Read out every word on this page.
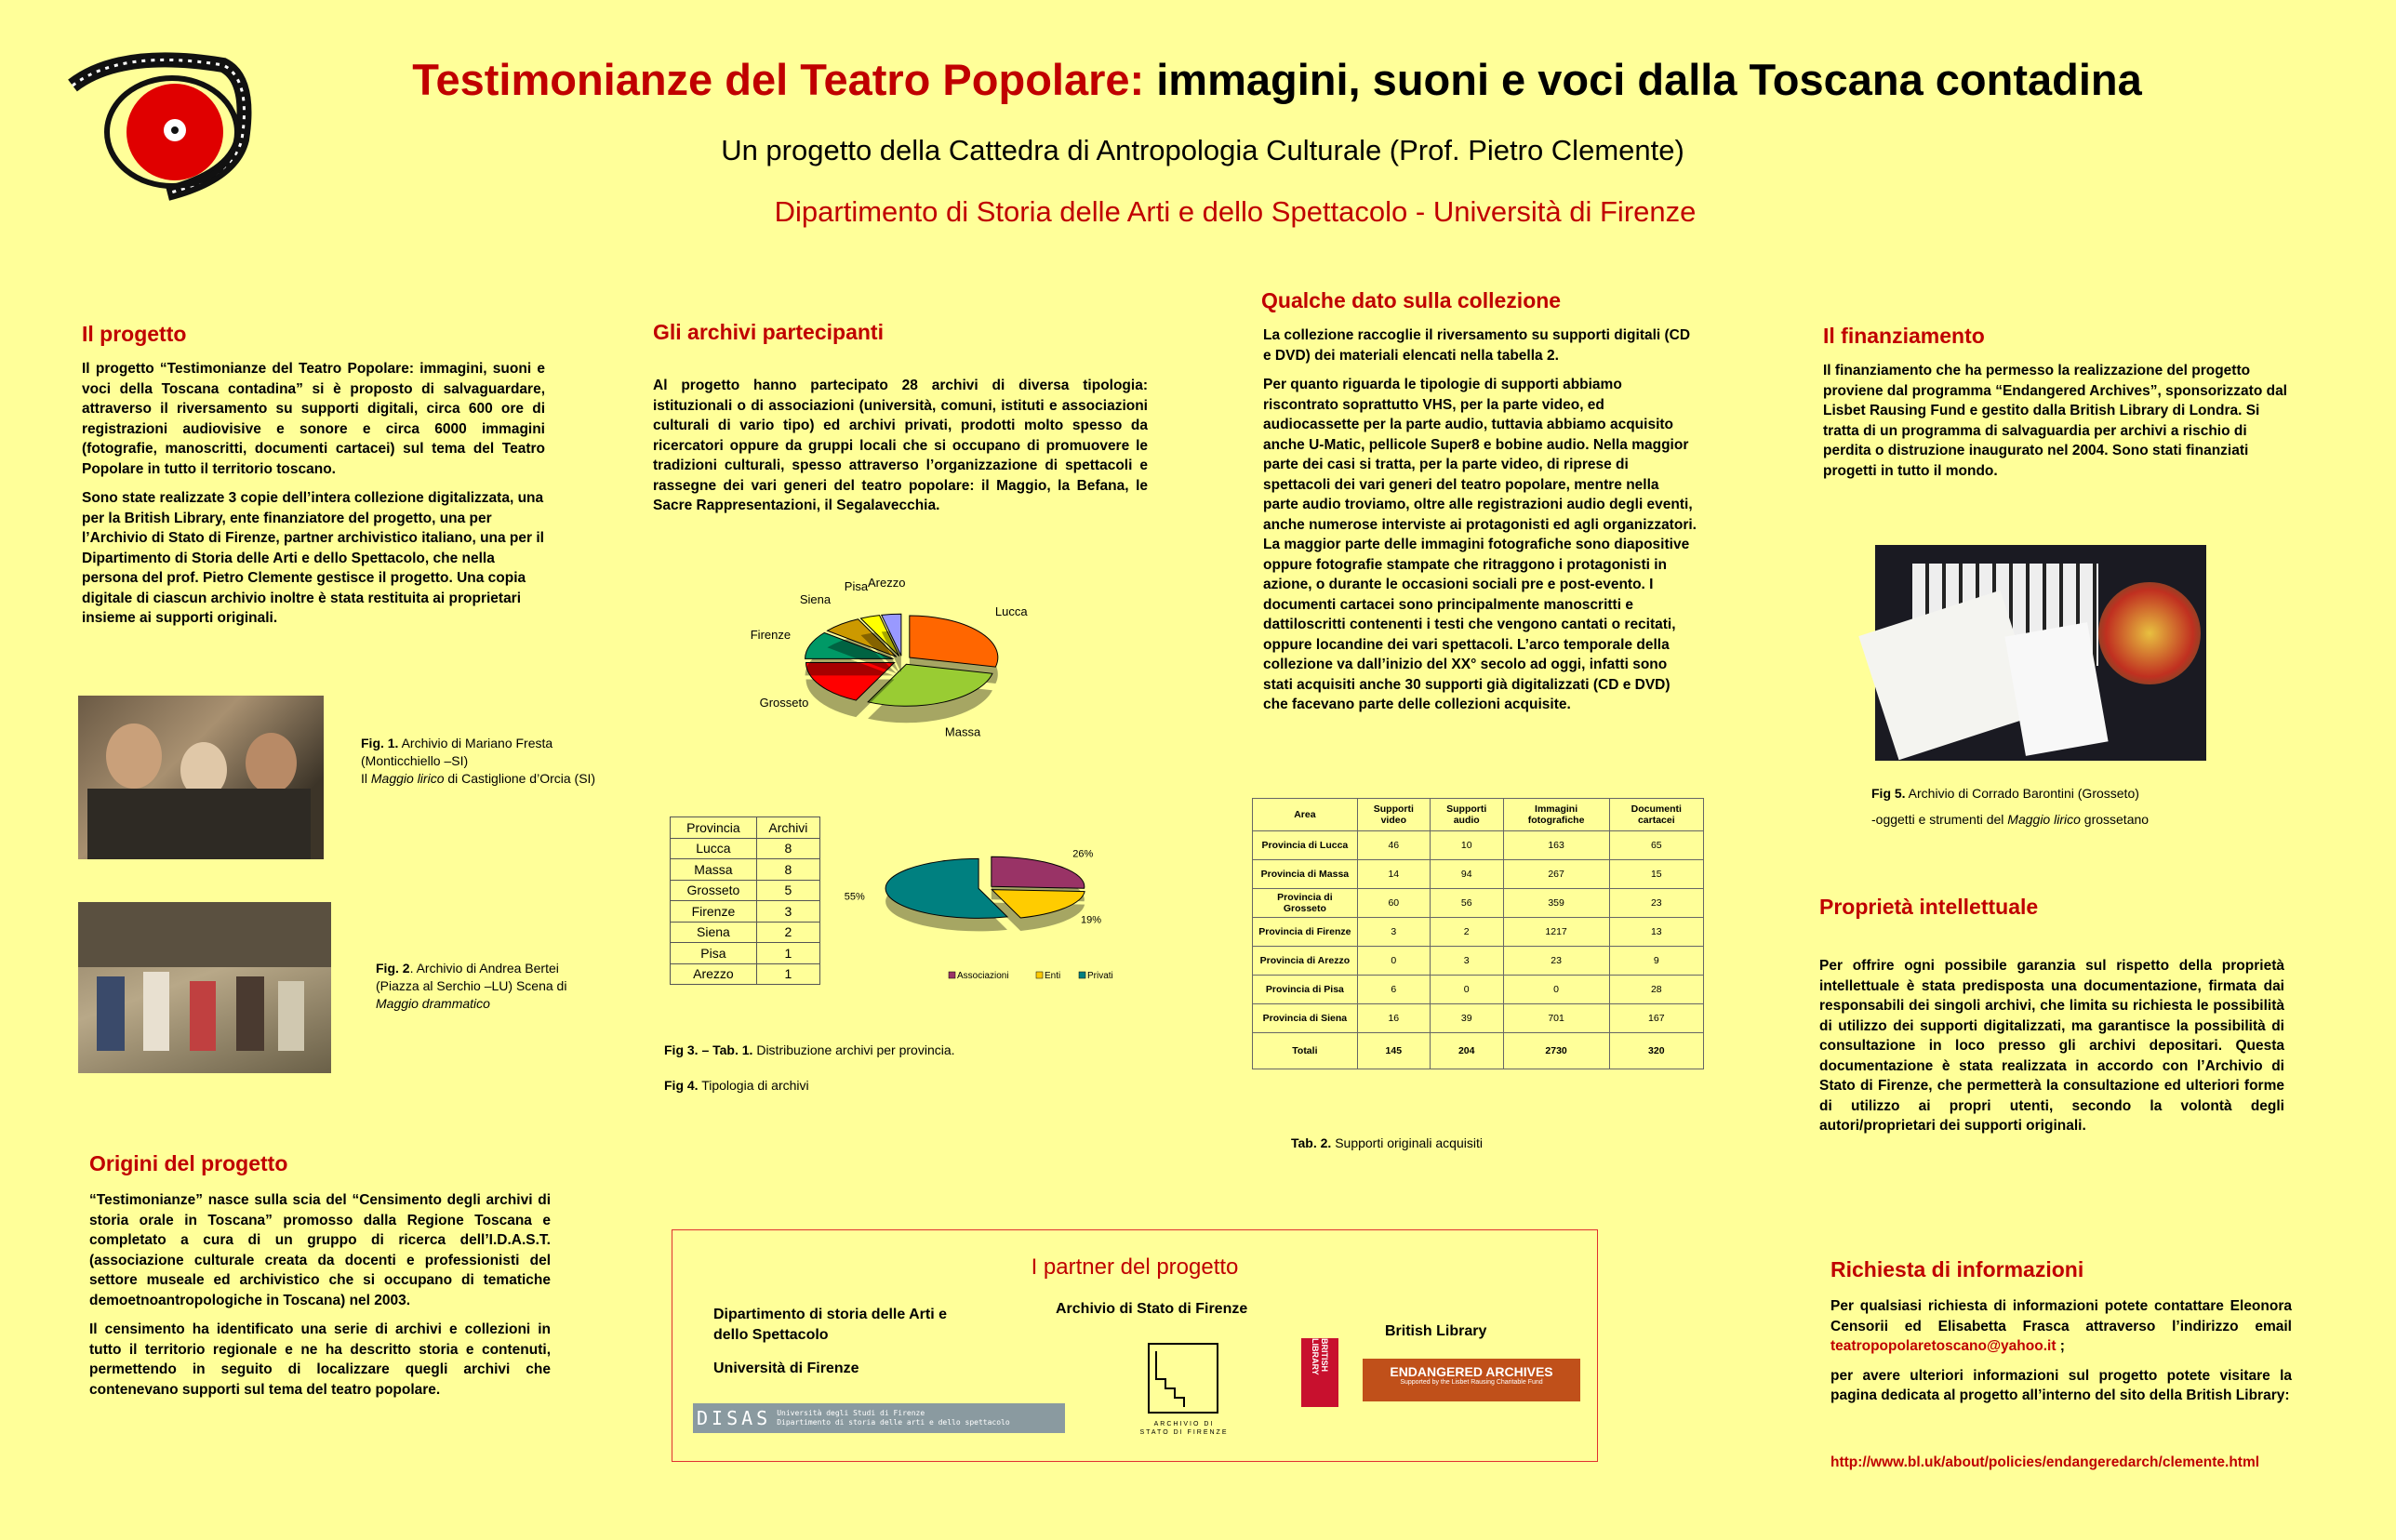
Testimonianze del Teatro Popolare: immagini, suoni e voci dalla Toscana contadina
Un progetto della Cattedra di Antropologia Culturale (Prof. Pietro Clemente)
Dipartimento di Storia delle Arti e dello Spettacolo - Università di Firenze
Il progetto

Il progetto “Testimonianze del Teatro Popolare: immagini, suoni e voci della Toscana contadina” si è proposto di salvaguardare, attraverso il riversamento su supporti digitali, circa 600 ore di registrazioni audiovisive e sonore e circa 6000 immagini (fotografie, manoscritti, documenti cartacei) sul tema del Teatro Popolare in tutto il territorio toscano.

Sono state realizzate 3 copie dell’intera collezione digitalizzata, una per la British Library, ente finanziatore del progetto, una per l’Archivio di Stato di Firenze, partner archivistico italiano, una per il Dipartimento di Storia delle Arti e dello Spettacolo, che nella persona del prof. Pietro Clemente gestisce il progetto. Una copia digitale di ciascun archivio inoltre è stata restituita ai proprietari insieme ai supporti originali.

Fig. 1. Archivio di Mariano Fresta (Monticchiello –SI)
Il Maggio lirico di Castiglione d’Orcia (SI)
Fig. 2. Archivio di Andrea Bertei (Piazza al Serchio –LU) Scena di Maggio drammatico
Origini del progetto

“Testimonianze” nasce sulla scia del “Censimento degli archivi di storia orale in Toscana” promosso dalla Regione Toscana e completato a cura di un gruppo di ricerca dell’I.D.A.S.T. (associazione culturale creata da docenti e professionisti del settore museale ed archivistico che si occupano di tematiche demoetnoantropologiche in Toscana) nel 2003.

Il censimento ha identificato una serie di archivi e collezioni in tutto il territorio regionale e ne ha descritto storia e contenuti, permettendo in seguito di localizzare quegli archivi che contenevano supporti sul tema del teatro popolare.

Gli archivi partecipanti
Al progetto hanno partecipato 28 archivi di diversa tipologia: istituzionali o di associazioni (università, comuni, istituti e associazioni culturali di vario tipo) ed archivi privati, prodotti molto spesso da ricercatori oppure da gruppi locali che si occupano di promuovere le tradizioni culturali, spesso attraverso l’organizzazione di spettacoli e rassegne dei vari generi del teatro popolare: il Maggio, la Befana, le Sacre Rappresentazioni, il Segalavecchia.
Lucca
Massa
Grosseto
Firenze
Siena
Pisa Arezzo
Provincia	Archivi
Lucca	8
Massa	8
Grosseto	5
Firenze	3
Siena	2
Pisa	1
Arezzo	1
26%
19%
55%
Associazioni	Enti	Privati
Fig 3. – Tab. 1. Distribuzione archivi per provincia.
Fig 4. Tipologia di archivi
Qualche dato sulla collezione

La collezione raccoglie il riversamento su supporti digitali (CD e DVD) dei materiali elencati nella tabella 2.

Per quanto riguarda le tipologie di supporti abbiamo riscontrato soprattutto VHS, per la parte video, ed audiocassette per la parte audio, tuttavia abbiamo acquisito anche U-Matic, pellicole Super8 e bobine audio. Nella maggior parte dei casi si tratta, per la parte video, di riprese di spettacoli dei vari generi del teatro popolare, mentre nella parte audio troviamo, oltre alle registrazioni audio degli eventi, anche numerose interviste ai protagonisti ed agli organizzatori. La maggior parte delle immagini fotografiche sono diapositive oppure fotografie stampate che ritraggono i protagonisti in azione, o durante le occasioni sociali pre e post-evento. I documenti cartacei sono principalmente manoscritti e dattiloscritti contenenti i testi che vengono cantati o recitati, oppure locandine dei vari spettacoli. L’arco temporale della collezione va dall’inizio del XX° secolo ad oggi, infatti sono stati acquisiti anche 30 supporti già digitalizzati (CD e DVD) che facevano parte delle collezioni acquisite.

Area	Supporti video	Supporti audio	Immagini fotografiche	Documenti cartacei
Provincia di Lucca	46	10	163	65
Provincia di Massa	14	94	267	15
Provincia di Grosseto	60	56	359	23
Provincia di Firenze	3	2	1217	13
Provincia di Arezzo	0	3	23	9
Provincia di Pisa	6	0	0	28
Provincia di Siena	16	39	701	167
Totali	145	204	2730	320
Tab. 2. Supporti originali acquisiti
Il finanziamento
Il finanziamento che ha permesso la realizzazione del progetto proviene dal programma “Endangered Archives”, sponsorizzato dal Lisbet Rausing Fund e gestito dalla British Library di Londra. Si tratta di un programma di salvaguardia per archivi a rischio di perdita o distruzione inaugurato nel 2004. Sono stati finanziati progetti in tutto il mondo.
Fig 5. Archivio di Corrado Barontini (Grosseto)
-oggetti e strumenti del Maggio lirico grossetano
Proprietà intellettuale
Per offrire ogni possibile garanzia sul rispetto della proprietà intellettuale è stata predisposta una documentazione, firmata dai responsabili dei singoli archivi, che limita su richiesta le possibilità di utilizzo dei supporti digitalizzati, ma garantisce la possibilità di consultazione in loco presso gli archivi depositari. Questa documentazione è stata realizzata in accordo con l’Archivio di Stato di Firenze, che permetterà la consultazione ed ulteriori forme di utilizzo ai propri utenti, secondo la volontà degli autori/proprietari dei supporti originali.
Richiesta di informazioni

Per qualsiasi richiesta di informazioni potete contattare Eleonora Censorii ed Elisabetta Frasca attraverso l’indirizzo email teatropopolaretoscano@yahoo.it ;

per avere ulteriori informazioni sul progetto potete visitare la pagina dedicata al progetto all’interno del sito della British Library:

http://www.bl.uk/about/policies/endangeredarch/clemente.html
I partner del progetto
Dipartimento di storia delle Arti e
dello Spettacolo
Università di Firenze
DISAS Università degli Studi di Firenze
Dipartimento di storia delle arti e dello spettacolo
Archivio di Stato di Firenze
ARCHIVIO DI STATO DI FIRENZE
British Library
BRITISH LIBRARY	ENDANGERED ARCHIVES
Supported by the Lisbet Rausing Charitable Fund
